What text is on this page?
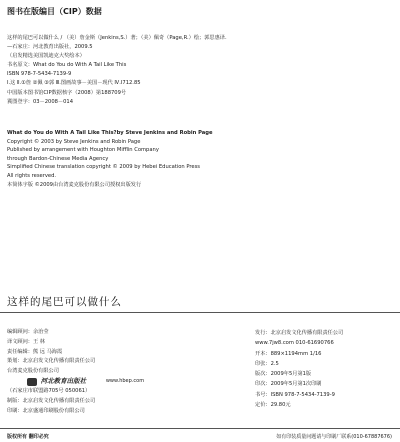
图书在版编目（CIP）数据
这样的尾巴可以做什么 / （美）詹金斯（Jenkins,S.）著；（美）佩奇（Page,R.）绘；郭思惠译.
—石家庄：河北教育出版社，2009.5
（启发精选美国凯迪克大奖绘本）
书名原文：What do You do With A Tail Like This
ISBN 978-7-5434-7139-9
Ⅰ.这 Ⅱ.①詹 ②佩 ③郭 Ⅲ.图画故事－美国－现代 Ⅳ.I712.85
中国版本图书馆CIP数据核字（2008）第188709号
冀图登字：03－2008－014
What do You do With A Tail Like This?by Steve Jenkins and Robin Page
Copyright © 2003 by Steve Jenkins and Robin Page
Published by arrangement with Houghton Mifflin Company
through Bardon-Chinese Media Agency
Simplified Chinese translation copyright © 2009 by Hebei Education Press
All rights reserved.
本简体字版 ©2009由台湾麦克股份有限公司授权出版发行
这样的尾巴可以做什么
编辑顾问：余治莹
译文顾问：王 林
责任编辑：熊 远 马海霞
策划：北京启发文化传播有限责任公司
台湾麦克股份有限公司
河北教育出版社	www.hbep.com
（石家庄市联盟路705号 050061）
制版：北京启发文化传播有限责任公司
印刷：北京盛通印刷股份有限公司
发行：北京启发文化传播有限责任公司
www.7jw8.com 010-61690766
开本：889×1194mm 1/16
印张：2.5
版次：2009年5月第1版
印次：2009年5月第1次印刷
书号：ISBN 978-7-5434-7139-9
定价：29.80元
版权所有 翻印必究	如有印装质量问题请与印刷厂联系(010-67887676)
